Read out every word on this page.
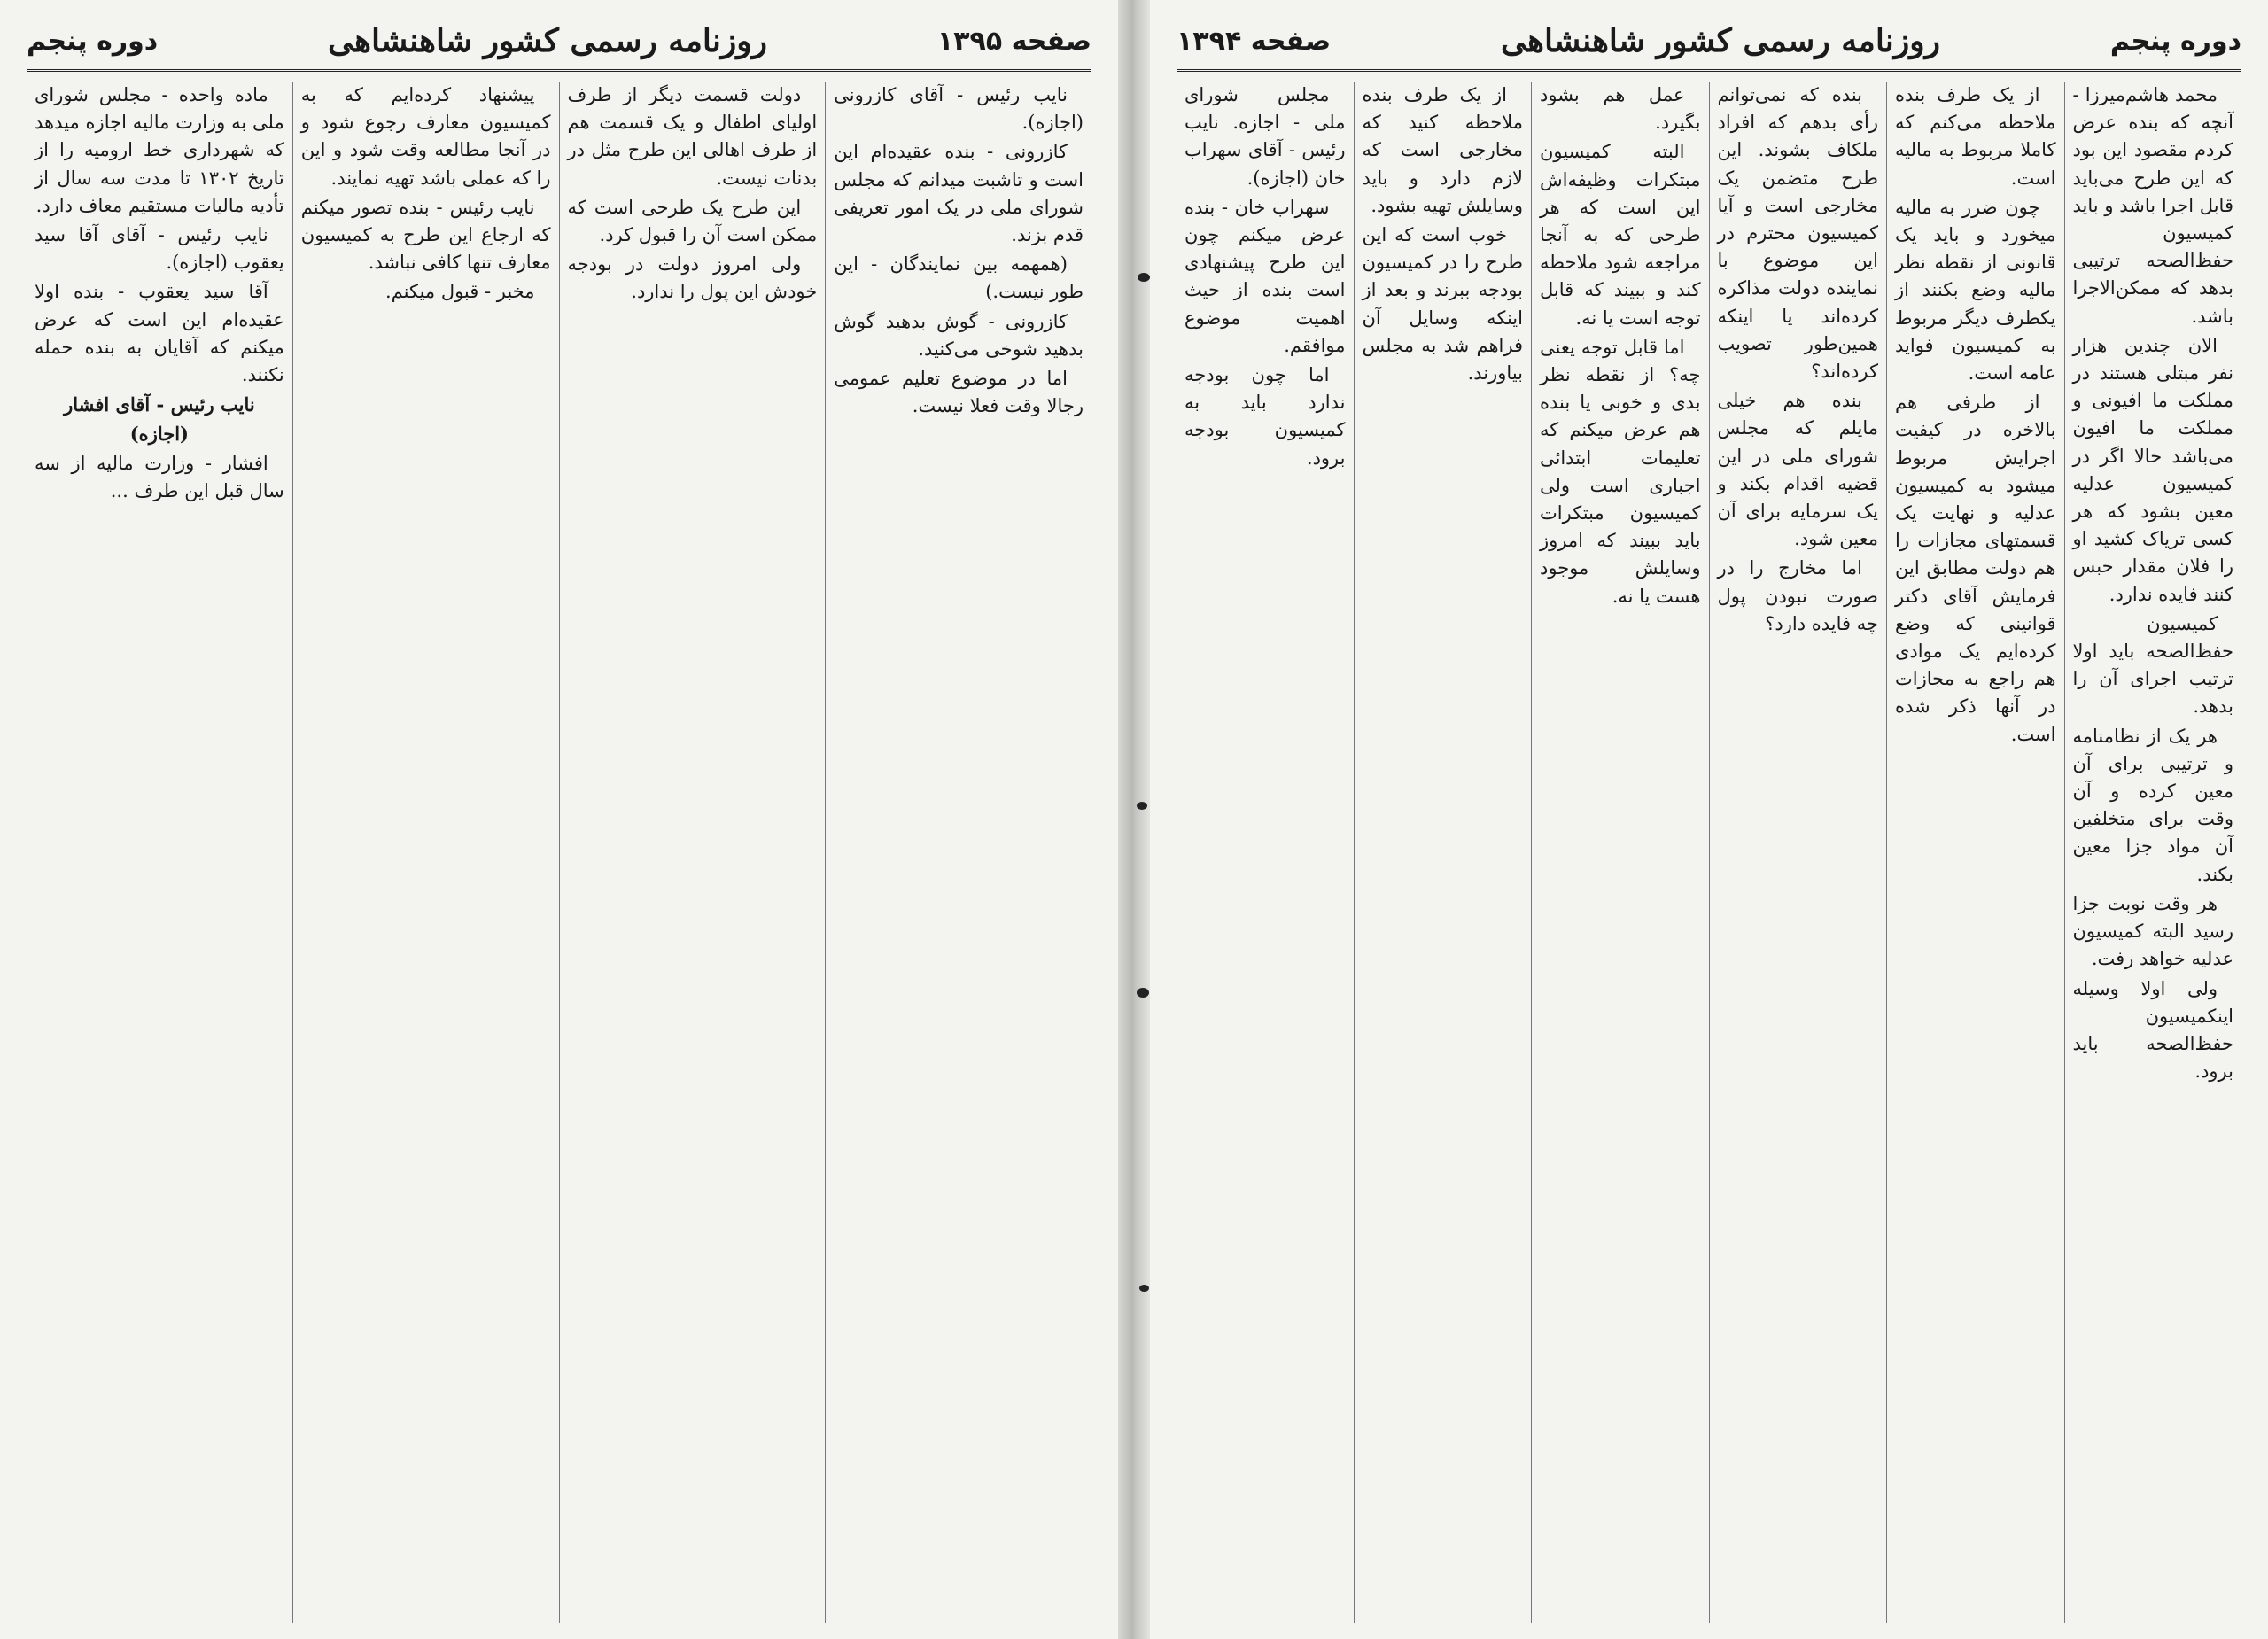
صفحه ۱۳۹۴	روزنامه رسمی کشور شاهنشاهی	دوره پنجم

محمد هاشم‌میرزا - آنچه که بنده عرض کردم مقصود این بود که این طرح می‌باید قابل اجرا باشد و باید کمیسیون حفظ‌الصحه ترتیبی بدهد که ممکن‌الاجرا باشد.

الان چندین هزار نفر مبتلی هستند در مملکت ما افیونی و مملکت ما افیون می‌باشد حالا اگر در کمیسیون عدلیه معین بشود که هر کسی تریاک کشید او را فلان مقدار حبس کنند فایده ندارد.

کمیسیون حفظ‌الصحه باید اولا ترتیب اجرای آن را بدهد.

هر یک از نظامنامه و ترتیبی برای آن معین کرده و آن وقت برای متخلفین آن مواد جزا معین بکند.

هر وقت نوبت جزا رسید البته کمیسیون عدلیه خواهد رفت.

ولی اولا وسیله اینکمیسیون حفظ‌الصحه باید برود.

از یک طرف بنده ملاحظه می‌کنم که کاملا مربوط به مالیه است.

چون ضرر به مالیه میخورد و باید یک قانونی از نقطه نظر مالیه وضع بکنند از یکطرف دیگر مربوط به کمیسیون فواید عامه است.

از طرفی هم بالاخره در کیفیت اجرایش مربوط میشود به کمیسیون عدلیه و نهایت یک قسمتهای مجازات را هم دولت مطابق این فرمایش آقای دکتر قوانینی که وضع کرده‌ایم یک موادی هم راجع به مجازات در آنها ذکر شده است.

بنده که نمی‌توانم رأی بدهم که افراد ملکاف بشوند. این طرح متضمن یک مخارجی است و آیا کمیسیون محترم در این موضوع با نماینده دولت مذاکره کرده‌اند یا اینکه همین‌طور تصویب کرده‌اند؟

بنده هم خیلی مایلم که مجلس شورای ملی در این قضیه اقدام بکند و یک سرمایه برای آن معین شود.

اما مخارج را در صورت نبودن پول چه فایده دارد؟

عمل هم بشود بگیرد.

البته کمیسیون مبتکرات وظیفه‌اش این است که هر طرحی که به آنجا مراجعه شود ملاحظه کند و ببیند که قابل توجه است یا نه.

اما قابل توجه یعنی چه؟ از نقطه نظر بدی و خوبی یا بنده هم عرض میکنم که تعلیمات ابتدائی اجباری است ولی کمیسیون مبتکرات باید ببیند که امروز وسایلش موجود هست یا نه.

از یک طرف بنده ملاحظه کنید که مخارجی است که لازم دارد و باید وسایلش تهیه بشود.

خوب است که این طرح را در کمیسیون بودجه ببرند و بعد از اینکه وسایل آن فراهم شد به مجلس بیاورند.

مجلس شورای ملی - اجازه. نایب رئیس - آقای سهراب خان (اجازه).

سهراب خان - بنده عرض میکنم چون این طرح پیشنهادی است بنده از حیث اهمیت موضوع موافقم.

اما چون بودجه ندارد باید به کمیسیون بودجه برود.

دوره پنجم	روزنامه رسمی کشور شاهنشاهی	صفحه ۱۳۹۵

نایب رئیس - آقای کازرونی (اجازه).

کازرونی - بنده عقیده‌ام این است و تاشبت میدانم که مجلس شورای ملی در یک امور تعریفی قدم بزند.

(همهمه بین نمایندگان - این طور نیست.)

کازرونی - گوش بدهید گوش بدهید شوخی می‌کنید.

اما در موضوع تعلیم عمومی رجالا وقت فعلا نیست.

دولت قسمت دیگر از طرف اولیای اطفال و یک قسمت هم از طرف اهالی این طرح مثل در بدنات نیست.

این طرح یک طرحی است که ممکن است آن را قبول کرد.

ولی امروز دولت در بودجه خودش این پول را ندارد.

پیشنهاد کرده‌ایم که به کمیسیون معارف رجوع شود و در آنجا مطالعه وقت شود و این را که عملی باشد تهیه نمایند.

نایب رئیس - بنده تصور میکنم که ارجاع این طرح به کمیسیون معارف تنها کافی نباشد.

مخبر - قبول میکنم.

ماده واحده - مجلس شورای ملی به وزارت مالیه اجازه میدهد که شهرداری خط ارومیه را از تاریخ ۱۳۰۲ تا مدت سه سال از تأدیه مالیات مستقیم معاف دارد.

نایب رئیس - آقای آقا سید یعقوب (اجازه).

آقا سید یعقوب - بنده اولا عقیده‌ام این است که عرض میکنم که آقایان به بنده حمله نکنند.

نایب رئیس - آقای افشار

(اجازه)

افشار - وزارت مالیه از سه سال قبل این طرف ...
